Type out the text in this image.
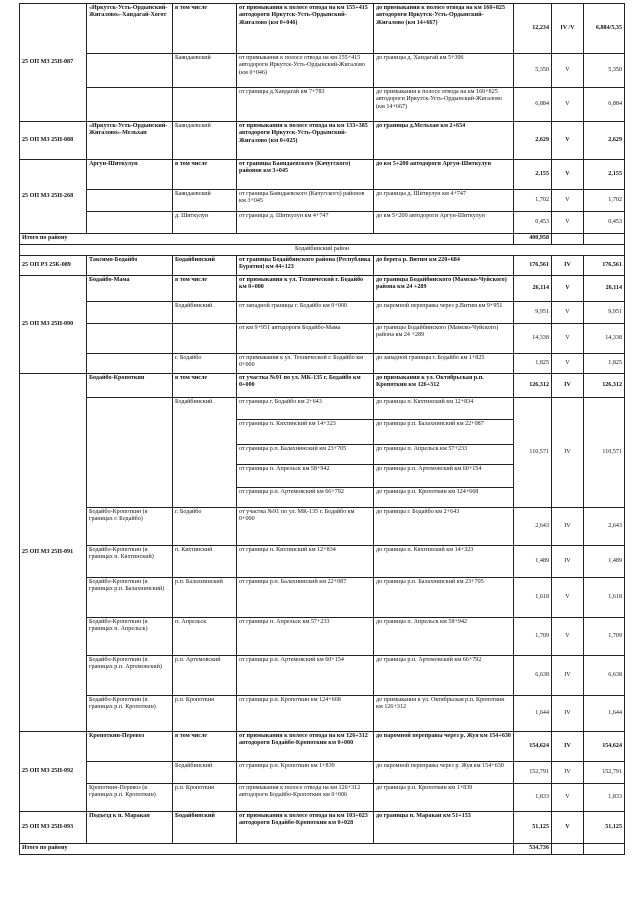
25 ОП МЗ 25Н-087	«Иркутск-Усть-Ордынский-Жигалово»-Хандагай-Хогот	в том числе	от примыкания к полосе отвода на км 155+415 автодороги Иркутск-Усть-Ордынский-Жигалово (км 0+046)	до примыкания к полосе отвода на км 160+825 автодороги Иркутск-Усть-Ордынский-Жигалово (км 14+667)	12,234	IV /V	6,884/5,35
		Баяндаевский	от примыкания к полосе отвода на км 155+415 автодороги Иркутск-Усть-Ордынский-Жигалово (км 0+046)	до границы д. Хандагай км 5+396	5,350	V	5,350
			от границы д.Хандагай км 7+783	до примыкания к полосе отвода на км 160+825 автодороги Иркутск-Усть-Ордынский-Жигалово (км 14+667)	6,884	V	6,884
25 ОП МЗ 25Н-088	«Иркутск-Усть-Ордынский-Жигалово»-Мельхан	Баяндаевский	от примыкания к полосе отвода на км 133+385 автодороги Иркутск-Усть-Ордынский-Жигалово (км 0+025)	до границы д.Мельхан км 2+654	2,629	V	2,629
25 ОП МЗ 25Н-268	Аргун-Шиткулун	в том числе	от границы Баяндаевского (Качугского) районов км 3+045	до км 5+200 автодороги Аргун-Шиткулун	2,155	V	2,155
		Баяндаевский	от границы Баяндаевского (Качугского) районов км 3+045	до границы д. Шиткулун км 4+747	1,702	V	1,702
		д. Шиткулун	от границы д. Шиткулун км 4+747	до км 5+200 автодороги Аргун-Шиткулун	0,453	V	0,453
Итого по району					400,958		
Бодайбинский район							
25 ОП РЗ 25К-089	Таксимо-Бодайбо	Бодайбинский	от границы Бодайбинского района (Республика Бурятия) км 44+123	до берега р. Витим км 220+684	176,561	IV	176,561
25 ОП МЗ 25Н-090	Бодайбо-Мама	в том числе	от примыкания к ул. Технической г. Бодайбо км 0+000	до границы Бодайбинского (Мамско-Чуйского) района км 24 +289	26,114	V	26,114
		Бодайбинский	от западной границы г. Бодайбо км 0+000	до паромной переправы через р.Витим км 9+951	9,951	V	9,951
			от км 9+951 автодороги Бодайбо-Мама	до границы Бодайбинского (Мамско-Чуйского) района км 24 +289	14,338	V	14,338
		г. Бодайбо	от примыкания к ул. Технической г. Бодайбо км 0+000	до западной границы г. Бодайбо км 1+825	1,825	V	1,825
25 ОП МЗ 25Н-091	Бодайбо-Кропоткин	в том числе	от участка №91 по ул. МК-135 г. Бодайбо км 0+000	до примыкания к ул. Октябрьская р.п. Кропоткин км 126+312	126,312	IV	126,312
		Бодайбинский	от границы г. Бодайбо км 2+643	до границы п. Кяхтинский км 12+834	110,571	IV	110,571
			от границы п. Кяхтинский км 14+323	до границы р.п. Балахнинский км 22+087			
			от границы р.п. Балахнинский км 23+705	до границы п. Апрельск км 57+233			
			от границы п. Апрельск км 58+942	до границы р.п. Артемовский км 60+154			
			от границы р.п. Артемовский км 66+792	до границы р.п. Кропоткин км 124+668			
	Бодайбо-Кропоткин (в границах г. Бодайбо)	г. Бодайбо	от участка №91 по ул. МК-135 г. Бодайбо км 0+000	до границы г. Бодайбо км 2+643	2,643	IV	2,643
	Бодайбо-Кропоткин (в границах п. Кяхтинский)	п. Кяхтинский	от границы п. Кяхтинский км 12+834	до границы п. Кяхтинский км 14+323	1,489	IV	1,489
	Бодайбо-Кропоткин (в границах р.п. Балахнинский)	р.п. Балахнинский	от границы р.п. Балахнинский км 22+087	до границы р.п. Балахнинский км 23+705	1,618	V	1,618
	Бодайбо-Кропоткин (в границах п. Апрельск)	п. Апрельск	от границы п. Апрельск км 57+233	до границы п. Апрельск км 58+942	1,709	V	1,709
	Бодайбо-Кропоткин (в границах р.п. Артемовский)	р.п. Артемовский	от границы р.п. Артемовский км 60+154	до границы р.п. Артемовский км 66+792	6,638	IV	6,638
	Бодайбо-Кропоткин (в границах р.п. Кропоткин)	р.п. Кропоткин	от границы р.п. Кропоткин км 124+668	до примыкания к ул. Октябрьская р.п. Кропоткин км 126+312	1,644	IV	1,644
25 ОП МЗ 25Н-092	Кропоткин-Перевоз	в том числе	от примыкания к полосе отвода на км 126+312 автодороги Бодайбо-Кропоткин км 0+000	до паромной переправы через р. Жуя км 154+630	154,624	IV	154,624
		Бодайбинский	от границы р.п. Кропоткин км 1+839	до паромной переправы через р. Жуя км 154+630	152,791	IV	152,791
	Кропоткин-Перевоз (в границах р.п. Кропоткин)	р.п. Кропоткин	от примыкания к полосе отвода на км 126+312 автодороги Бодайбо-Кропоткин км 0+006	до границы р.п. Кропоткин км 1+839	1,833	V	1,833
25 ОП МЗ 25Н-093	Подъезд к п. Маракан	Бодайбинский	от примыкания к полосе отвода на км 103+023 автодороги Бодайбо-Кропоткин км 0+028	до границы п. Маракан км 51+153	51,125	V	51,125
Итого по району					534,736		
